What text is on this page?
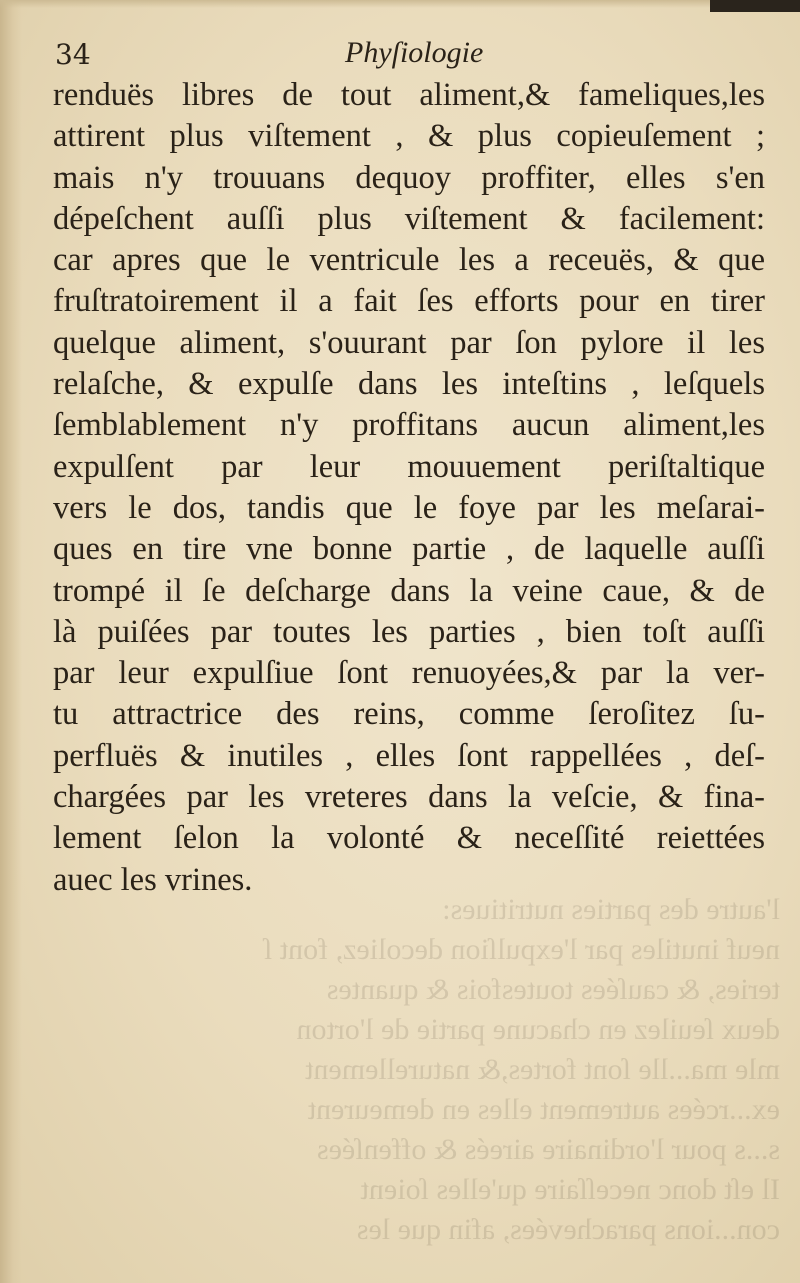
l'autre des parties nutritiues:
neuf inutiles par l'expulſion decoliez, font ſ
teries, & cauſées toutesfois & quantes
deux ſeuilez en chacune partie de l'orton
mle ma...lle ſont fortes,& naturellement
ex...rcées autrement elles en demeurent
s...s pour l'ordinaire aireés & offenſées
Il eſt donc neceſſaire qu'elles ſoient
con...ions parachevées, afin que les
34	Phyſiologie
renduës libres de tout aliment,& fameliques,les
attirent plus viſtement , & plus copieuſement ;
mais n'y trouuans dequoy proffiter, elles s'en
dépeſchent auſſi plus viſtement & facilement:
car apres que le ventricule les a receuës, & que
fruſtratoirement il a fait ſes efforts pour en tirer
quelque aliment, s'ouurant par ſon pylore il les
relaſche, & expulſe dans les inteſtins , leſquels
ſemblablement n'y proffitans aucun aliment,les
expulſent par leur mouuement periſtaltique
vers le dos, tandis que le foye par les meſarai-
ques en tire vne bonne partie , de laquelle auſſi
trompé il ſe deſcharge dans la veine caue, & de
là puiſées par toutes les parties , bien toſt auſſi
par leur expulſiue ſont renuoyées,& par la ver-
tu attractrice des reins, comme ſeroſitez ſu-
perfluës & inutiles , elles ſont rappellées , deſ-
chargées par les vreteres dans la veſcie, & fina-
lement ſelon la volonté & neceſſité reiettées
auec les vrines.
